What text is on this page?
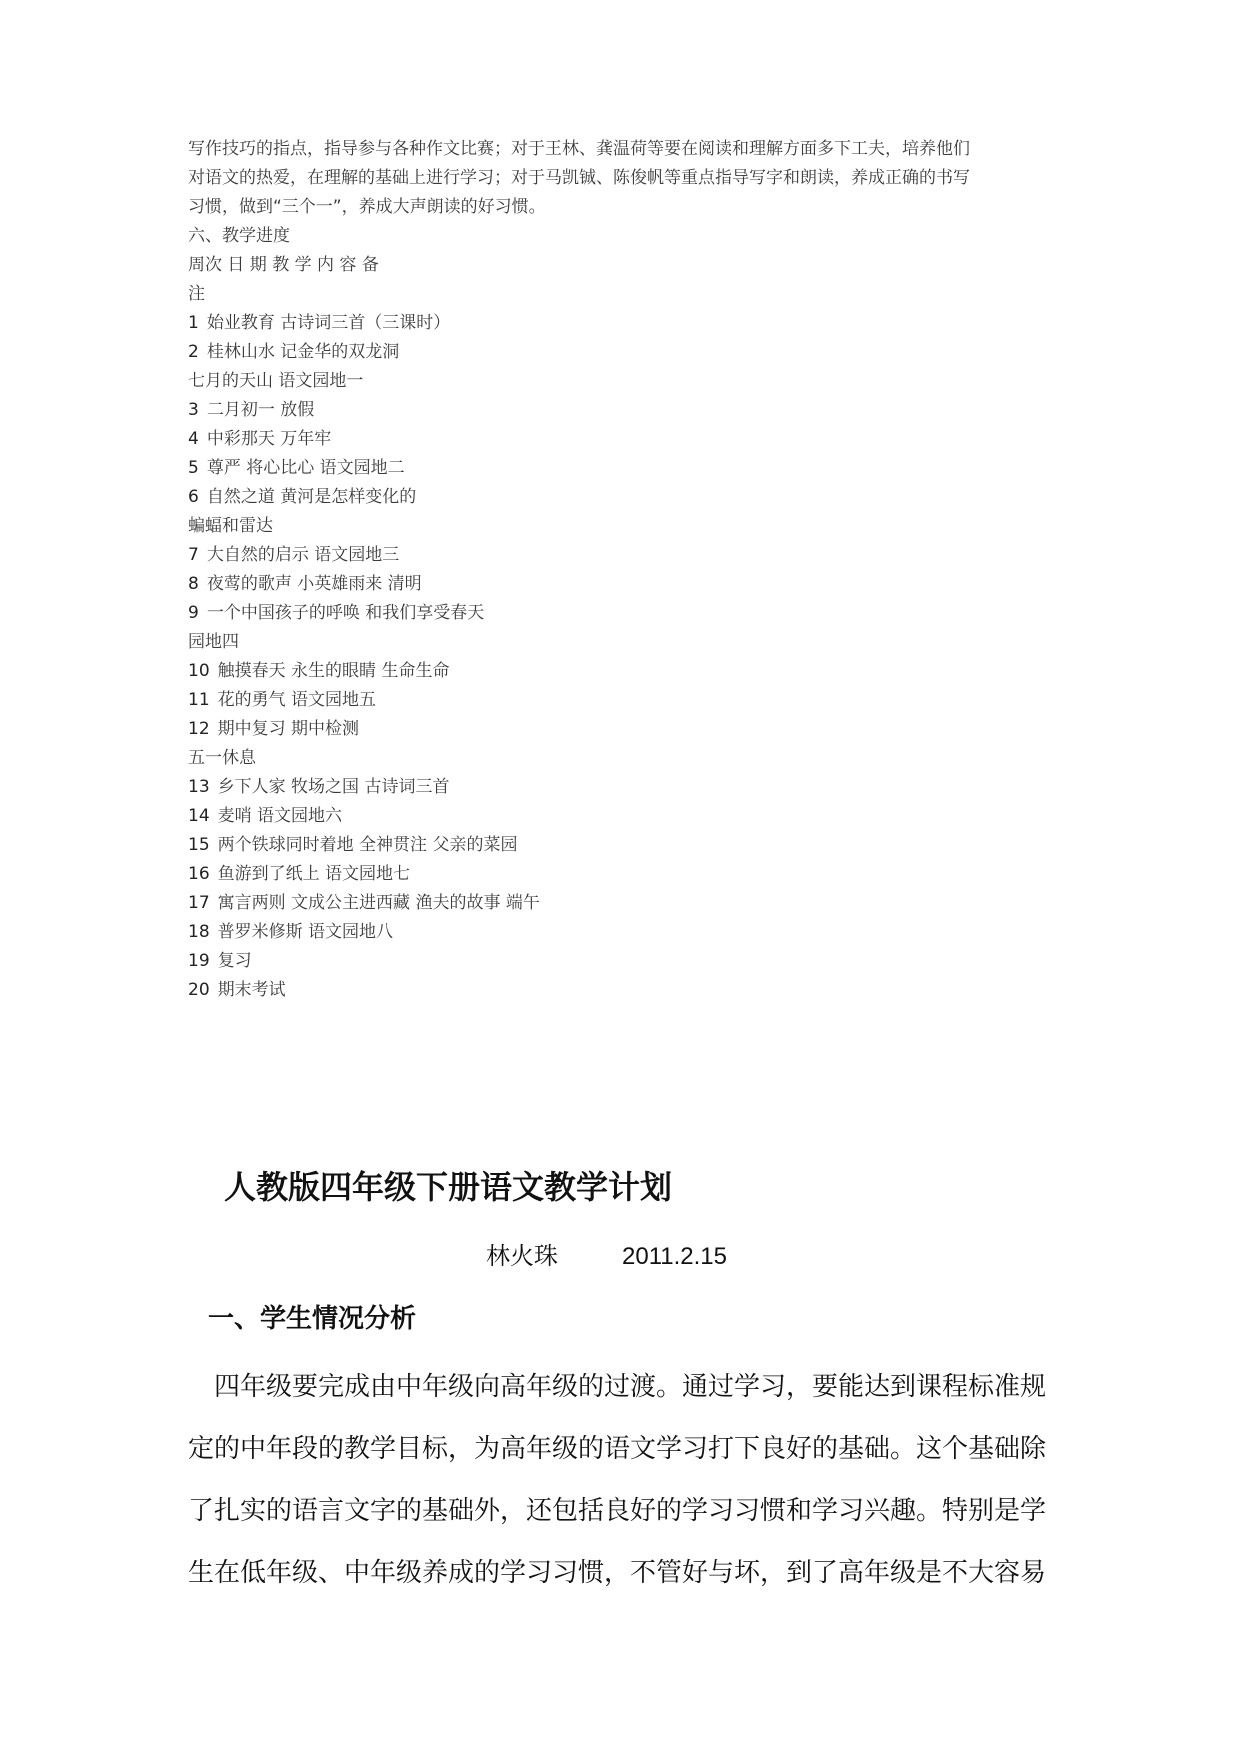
写作技巧的指点，指导参与各种作文比赛；对于王林、龚温荷等要在阅读和理解方面多下工夫，培养他们
对语文的热爱，在理解的基础上进行学习；对于马凯铖、陈俊帆等重点指导写字和朗读，养成正确的书写
习惯，做到“三个一”，养成大声朗读的好习惯。
六、教学进度
周次 日 期 教 学 内 容 备
注
1 始业教育 古诗词三首（三课时）
2 桂林山水 记金华的双龙洞
七月的天山 语文园地一
3 二月初一 放假
4 中彩那天 万年牢
5 尊严 将心比心 语文园地二
6 自然之道 黄河是怎样变化的
蝙蝠和雷达
7 大自然的启示 语文园地三
8 夜莺的歌声 小英雄雨来 清明
9 一个中国孩子的呼唤 和我们享受春天
园地四
10 触摸春天 永生的眼睛 生命生命
11 花的勇气 语文园地五
12 期中复习 期中检测
五一休息
13 乡下人家 牧场之国 古诗词三首
14 麦哨 语文园地六
15 两个铁球同时着地 全神贯注 父亲的菜园
16 鱼游到了纸上 语文园地七
17 寓言两则 文成公主进西藏 渔夫的故事 端午
18 普罗米修斯 语文园地八
19 复习
20 期末考试
人教版四年级下册语文教学计划
林火珠	2011.2.15
一、学生情况分析
　四年级要完成由中年级向高年级的过渡。通过学习，要能达到课程标准规
定的中年段的教学目标，为高年级的语文学习打下良好的基础。这个基础除
了扎实的语言文字的基础外，还包括良好的学习习惯和学习兴趣。特别是学
生在低年级、中年级养成的学习习惯，不管好与坏，到了高年级是不大容易
